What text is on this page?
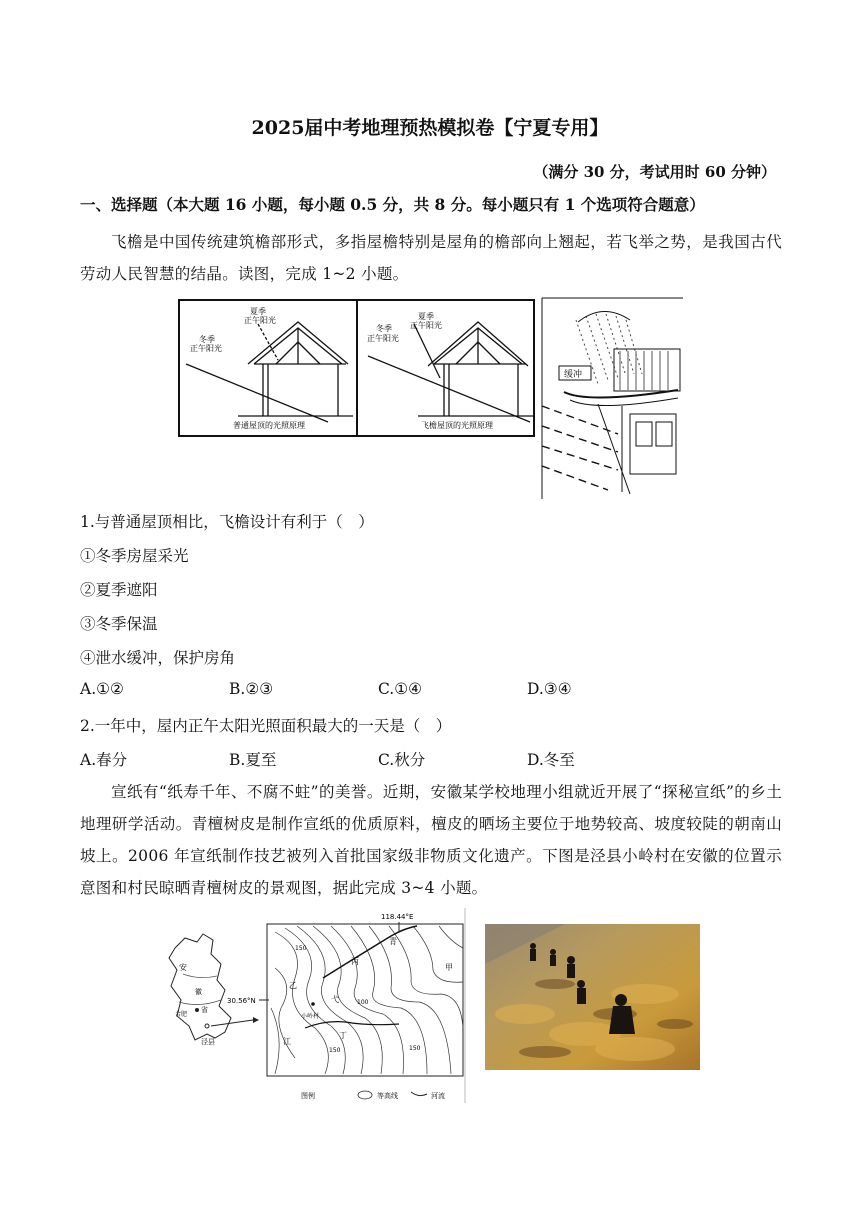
2025届中考地理预热模拟卷【宁夏专用】
（满分 30 分，考试用时 60 分钟）
一、选择题（本大题 16 小题，每小题 0.5 分，共 8 分。每小题只有 1 个选项符合题意）
飞檐是中国传统建筑檐部形式，多指屋檐特别是屋角的檐部向上翘起，若飞举之势，是我国古代劳动人民智慧的结晶。读图，完成 1~2 小题。
夏季
正午阳光
冬季
正午阳光
普通屋顶的光照原理
夏季
正午阳光
冬季
正午阳光
飞檐屋顶的光照原理
缓冲
1.与普通屋顶相比，飞檐设计有利于（　）
①冬季房屋采光
②夏季遮阳
③冬季保温
④泄水缓冲，保护房角
A.①②	B.②③	C.①④	D.③④
2.一年中，屋内正午太阳光照面积最大的一天是（　）
A.春分	B.夏至	C.秋分	D.冬至
宣纸有“纸寿千年、不腐不蛀”的美誉。近期，安徽某学校地理小组就近开展了“探秘宣纸”的乡土地理研学活动。青檀树皮是制作宣纸的优质原料，檀皮的晒场主要位于地势较高、坡度较陡的朝南山坡上。2006 年宣纸制作技艺被列入首批国家级非物质文化遗产。下图是泾县小岭村在安徽的位置示意图和村民晾晒青檀树皮的景观图，据此完成 3~4 小题。
安
徽
省
合肥
泾县
118.44°E
30.56°N
青
丙
甲
乙
弋
江
丁
小岭村
150
100
150	150
图例	等高线	河流
